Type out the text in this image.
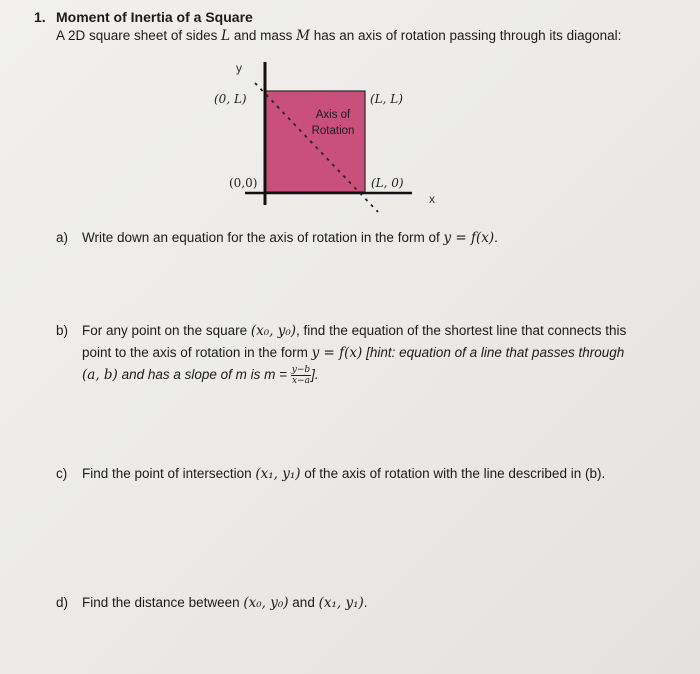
1. Moment of Inertia of a Square
A 2D square sheet of sides L and mass M has an axis of rotation passing through its diagonal:
y
x
(0, L)	(L, L)
(0,0)	(L, 0)
Axis of
Rotation
a) Write down an equation for the axis of rotation in the form of y = f(x).
b) For any point on the square (x₀, y₀), find the equation of the shortest line that connects this
point to the axis of rotation in the form y = f(x) [hint: equation of a line that passes through
(a, b) and has a slope of m is $m = \frac{y-b}{x-a}$ ].
c) Find the point of intersection (x₁, y₁) of the axis of rotation with the line described in (b).
d) Find the distance between (x₀, y₀) and (x₁, y₁).
